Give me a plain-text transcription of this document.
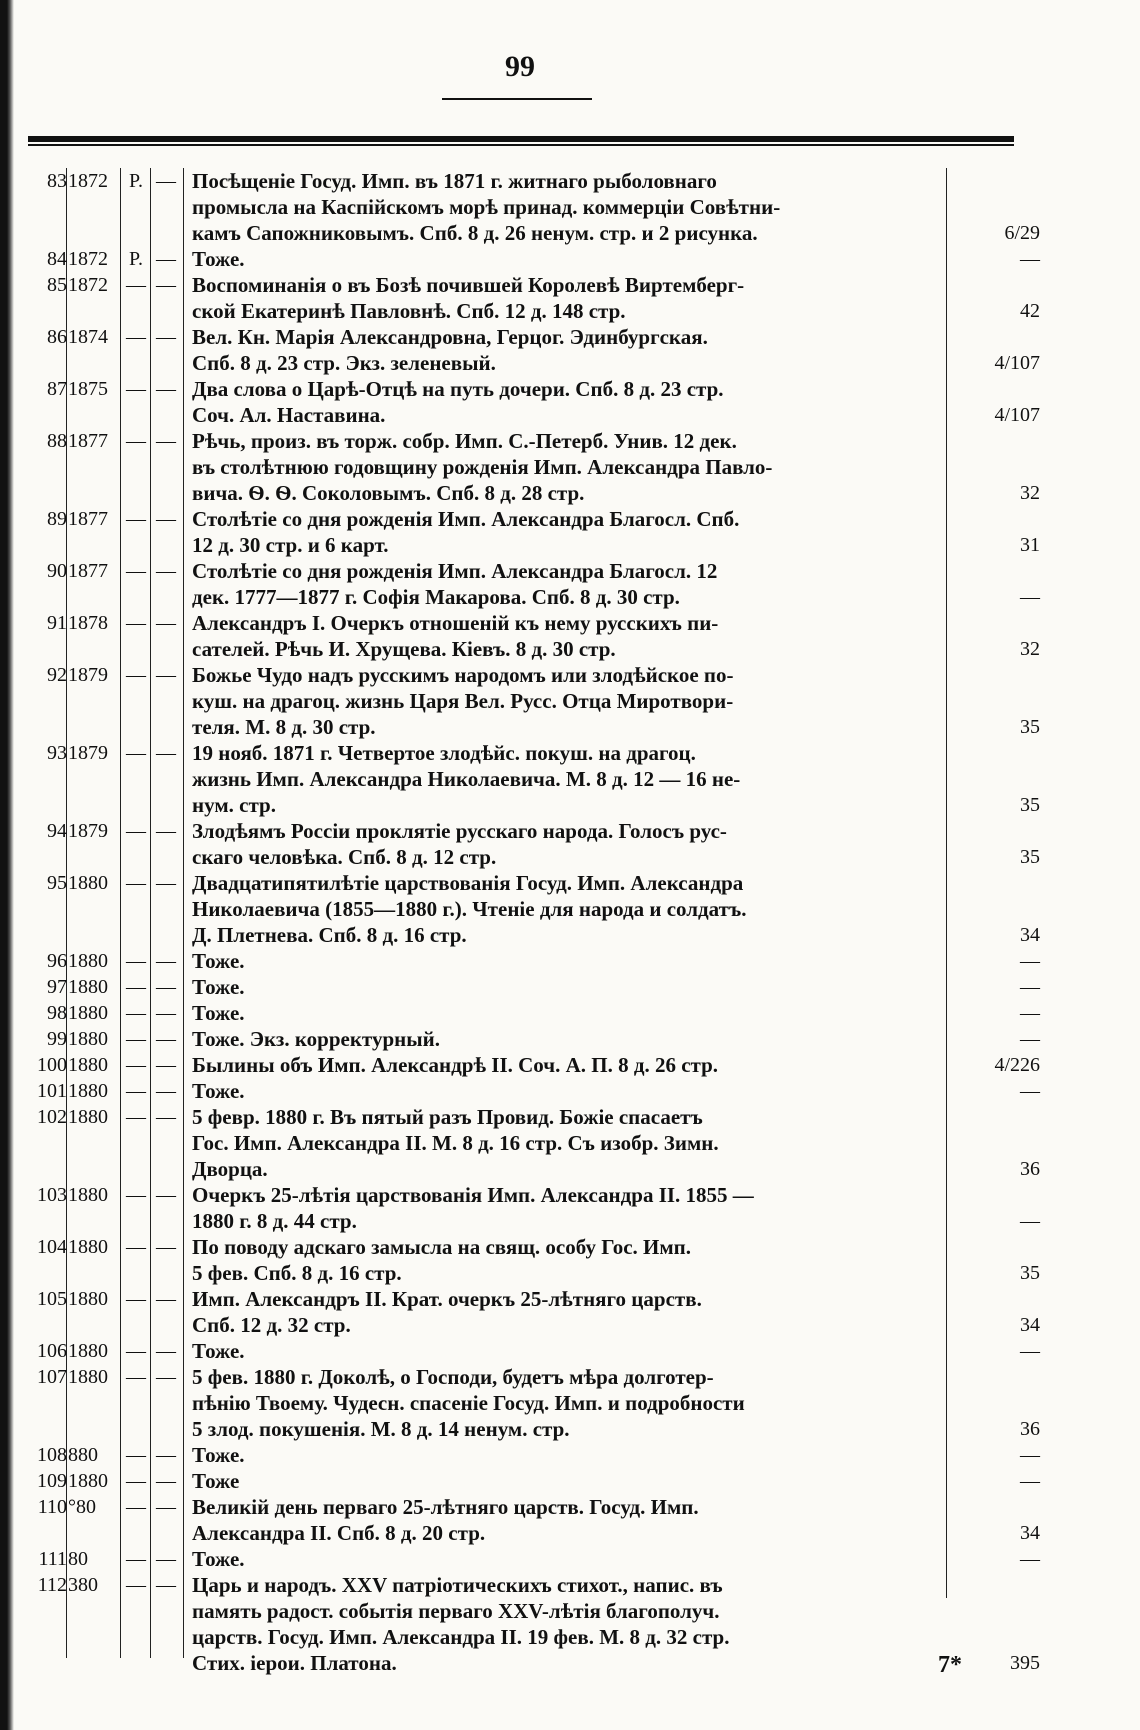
99
83 1872	P. — Посѣщеніе Госуд. Имп. въ 1871 г. житнаго рыболовнаго
промысла на Каспійскомъ морѣ принад. коммерціи Совѣтни-
камъ Сапожниковымъ. Спб. 8 д. 26 ненум. стр. и 2 рисунка.	6/29
84 1872	P. — Тоже.	—
85 1872 — — Воспоминанія о въ Бозѣ почившей Королевѣ Виртемберг-
ской Екатеринѣ Павловнѣ. Спб. 12 д. 148 стр.	42
86 1874 — — Вел. Кн. Марія Александровна, Герцог. Эдинбургская.
Спб. 8 д. 23 стр. Экз. зеленевый.	4/107
87 1875 — — Два слова о Царѣ-Отцѣ на путь дочери. Спб. 8 д. 23 стр.
Соч. Ал. Наставина.	4/107
88 1877 — — Рѣчь, произ. въ торж. собр. Имп. С.-Петерб. Унив. 12 дек.
въ столѣтнюю годовщину рожденія Имп. Александра Павло-
вича. Ѳ. Ѳ. Соколовымъ. Спб. 8 д. 28 стр.	32
89 1877 — — Столѣтіе со дня рожденія Имп. Александра Благосл. Спб.
12 д. 30 стр. и 6 карт.	31
90 1877 — — Столѣтіе со дня рожденія Имп. Александра Благосл. 12
дек. 1777—1877 г. Софія Макарова. Спб. 8 д. 30 стр.	—
91 1878 — — Александръ I. Очеркъ отношеній къ нему русскихъ пи-
сателей. Рѣчь И. Хрущева. Кіевъ. 8 д. 30 стр.	32
92 1879 — — Божье Чудо надъ русскимъ народомъ или злодѣйское по-
куш. на драгоц. жизнь Царя Вел. Русс. Отца Миротвори-
теля. М. 8 д. 30 стр.	35
93 1879 — — 19 нояб. 1871 г. Четвертое злодѣйс. покуш. на драгоц.
жизнь Имп. Александра Николаевича. М. 8 д. 12 — 16 не-
нум. стр.	35
94 1879 — — Злодѣямъ Россіи проклятіе русскаго народа. Голосъ рус-
скаго человѣка. Спб. 8 д. 12 стр.	35
95 1880 — — Двадцатипятилѣтіе царствованія Госуд. Имп. Александра
Николаевича (1855—1880 г.). Чтеніе для народа и солдатъ.
Д. Плетнева. Спб. 8 д. 16 стр.	34
96 1880 — — Тоже.	—
97 1880 — — Тоже.	—
98 1880 — — Тоже.	—
99 1880 — — Тоже. Экз. корректурный.	—
100 1880 — — Былины объ Имп. Александрѣ II. Соч. А. П. 8 д. 26 стр.	4/226
101 1880 — — Тоже.	—
102 1880 — — 5 февр. 1880 г. Въ пятый разъ Провид. Божіе спасаетъ
Гос. Имп. Александра II. М. 8 д. 16 стр. Съ изобр. Зимн.
Дворца.	36
103 1880 — — Очеркъ 25-лѣтія царствованія Имп. Александра II. 1855 —
1880 г. 8 д. 44 стр.	—
104 1880 — — По поводу адскаго замысла на свящ. особу Гос. Имп.
5 фев. Спб. 8 д. 16 стр.	35
105 1880 — — Имп. Александръ II. Крат. очеркъ 25-лѣтняго царств.
Спб. 12 д. 32 стр.	34
106 1880 — — Тоже.	—
107 1880 — — 5 фев. 1880 г. Доколѣ, о Господи, будетъ мѣра долготер-
пѣнію Твоему. Чудесн. спасеніе Госуд. Имп. и подробности
5 злод. покушенія. М. 8 д. 14 ненум. стр.	36
108 880	— — Тоже.	—
109 1880 — — Тоже	—
110 °80	— — Великій день перваго 25-лѣтняго царств. Госуд. Имп.
Александра II. Спб. 8 д. 20 стр.	34
111 80	— — Тоже.	—
112 380	— — Царь и народъ. XXV патріотическихъ стихот., напис. въ
память радост. событія перваго XXV-лѣтія благополуч.
царств. Госуд. Имп. Александра II. 19 фев. М. 8 д. 32 стр.
Стих. іерои. Платона.	395
7*
